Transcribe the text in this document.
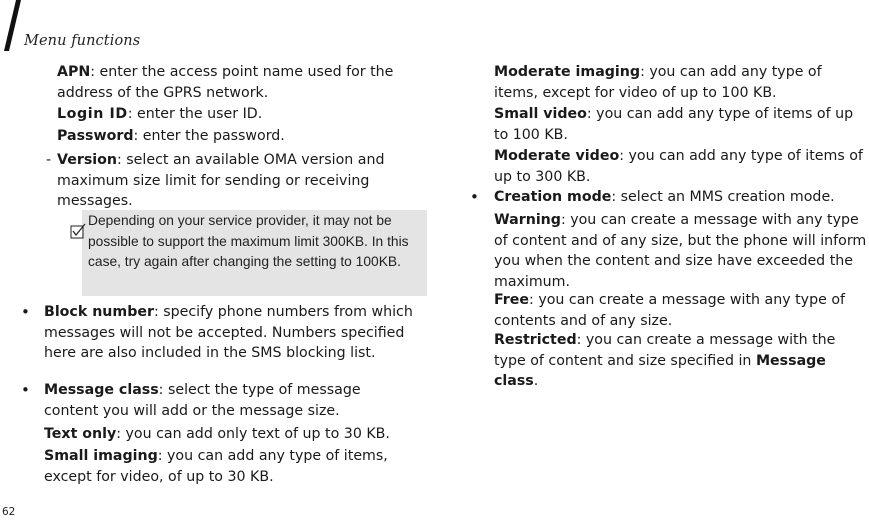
Menu functions

APN: enter the access point name used for the address of the GPRS network.

Login ID: enter the user ID.

Password: enter the password.

- Version: select an available OMA version and maximum size limit for sending or receiving messages.

Depending on your service provider, it may not be possible to support the maximum limit 300KB. In this case, try again after changing the setting to 100KB.
• Block number: specify phone numbers from which messages will not be accepted. Numbers specified here are also included in the SMS blocking list.

• Message class: select the type of message content you will add or the message size.

Text only: you can add only text of up to 30 KB.

Small imaging: you can add any type of items, except for video, of up to 30 KB.

Moderate imaging: you can add any type of items, except for video of up to 100 KB.

Small video: you can add any type of items of up to 100 KB.

Moderate video: you can add any type of items of up to 300 KB.

• Creation mode: select an MMS creation mode.

Warning: you can create a message with any type of content and of any size, but the phone will inform you when the content and size have exceeded the maximum.

Free: you can create a message with any type of contents and of any size.

Restricted: you can create a message with the type of content and size specified in Message class.

62
